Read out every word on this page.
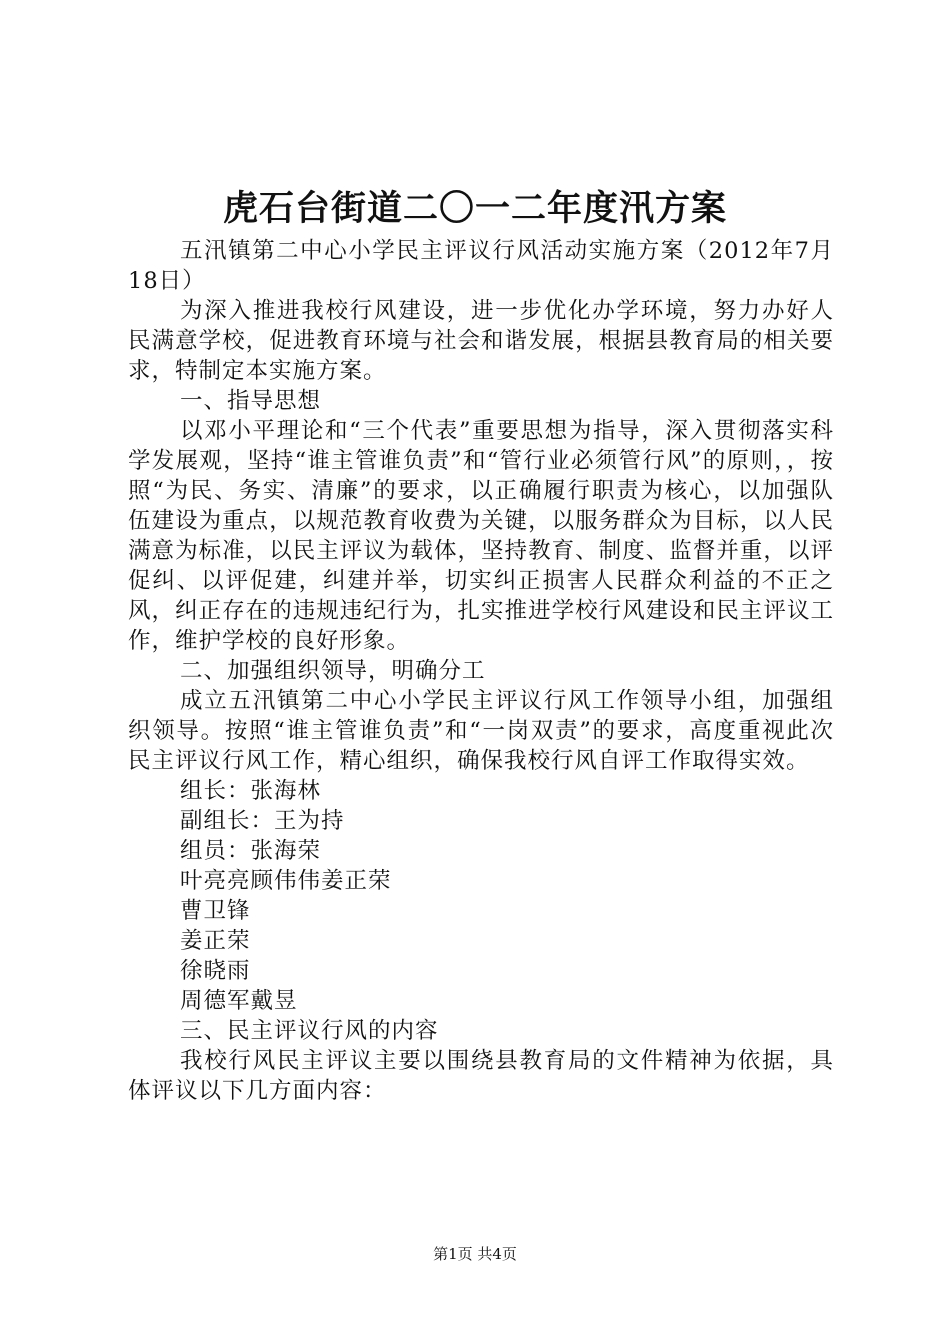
虎石台街道二〇一二年度汛方案

五汛镇第二中心小学民主评议行风活动实施方案（2012年7月18日）

为深入推进我校行风建设，进一步优化办学环境，努力办好人民满意学校，促进教育环境与社会和谐发展，根据县教育局的相关要求，特制定本实施方案。

一、指导思想

以邓小平理论和“三个代表”重要思想为指导，深入贯彻落实科学发展观，坚持“谁主管谁负责”和“管行业必须管行风”的原则，，按照“为民、务实、清廉”的要求，以正确履行职责为核心，以加强队伍建设为重点，以规范教育收费为关键，以服务群众为目标，以人民满意为标准，以民主评议为载体，坚持教育、制度、监督并重，以评促纠、以评促建，纠建并举，切实纠正损害人民群众利益的不正之风，纠正存在的违规违纪行为，扎实推进学校行风建设和民主评议工作，维护学校的良好形象。

二、加强组织领导，明确分工

成立五汛镇第二中心小学民主评议行风工作领导小组，加强组织领导。按照“谁主管谁负责”和“一岗双责”的要求，高度重视此次民主评议行风工作，精心组织，确保我校行风自评工作取得实效。

组长：张海林

副组长：王为持

组员：张海荣

叶亮亮顾伟伟姜正荣

曹卫锋

姜正荣

徐晓雨

周德军戴昱

三、民主评议行风的内容

我校行风民主评议主要以围绕县教育局的文件精神为依据，具体评议以下几方面内容：

第1页 共4页
